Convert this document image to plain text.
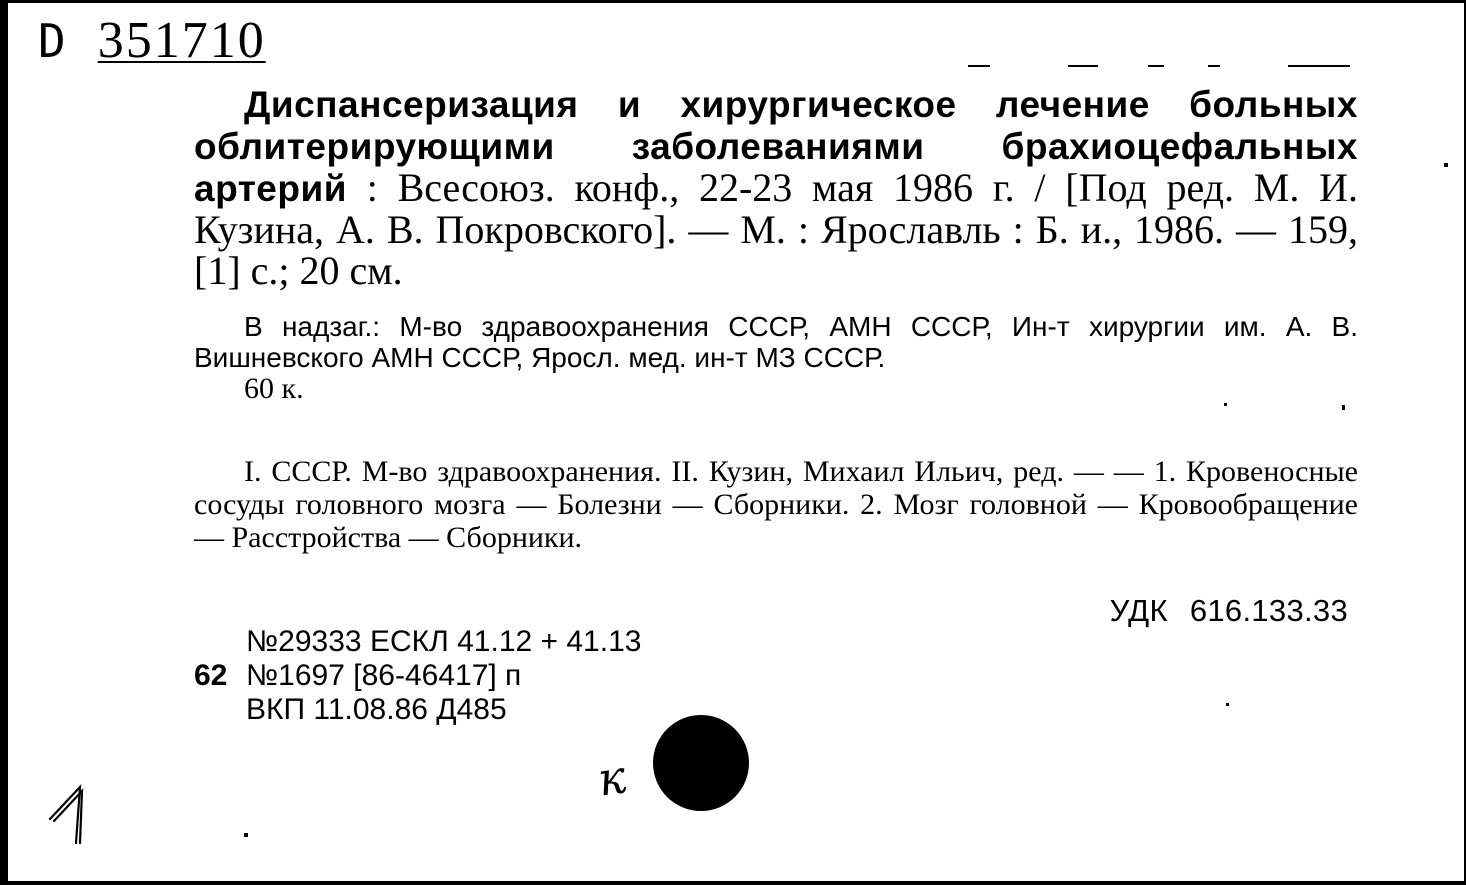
D 351710
Диспансеризация и хирургическое лечение больных облитерирующими заболеваниями брахиоцефальных артерий : Всесоюз. конф., 22-23 мая 1986 г. / [Под ред. М. И. Кузина, А. В. Покровского]. — М. : Ярославль : Б. и., 1986. — 159, [1] с.; 20 см.
В надзаг.: М-во здравоохранения СССР, АМН СССР, Ин-т хирургии им. А. В. Вишневского АМН СССР, Яросл. мед. ин-т МЗ СССР.
60 к.
I. СССР. М-во здравоохранения. II. Кузин, Михаил Ильич, ред. — — 1. Кровеносные сосуды головного мозга — Болезни — Сборники. 2. Мозг головной — Кровообращение — Расстройства — Сборники.
УДК 616.133.33
№29333 ЕСКЛ 41.12 + 41.13
62 №1697 [86-46417] п
ВКП 11.08.86 Д485
к
